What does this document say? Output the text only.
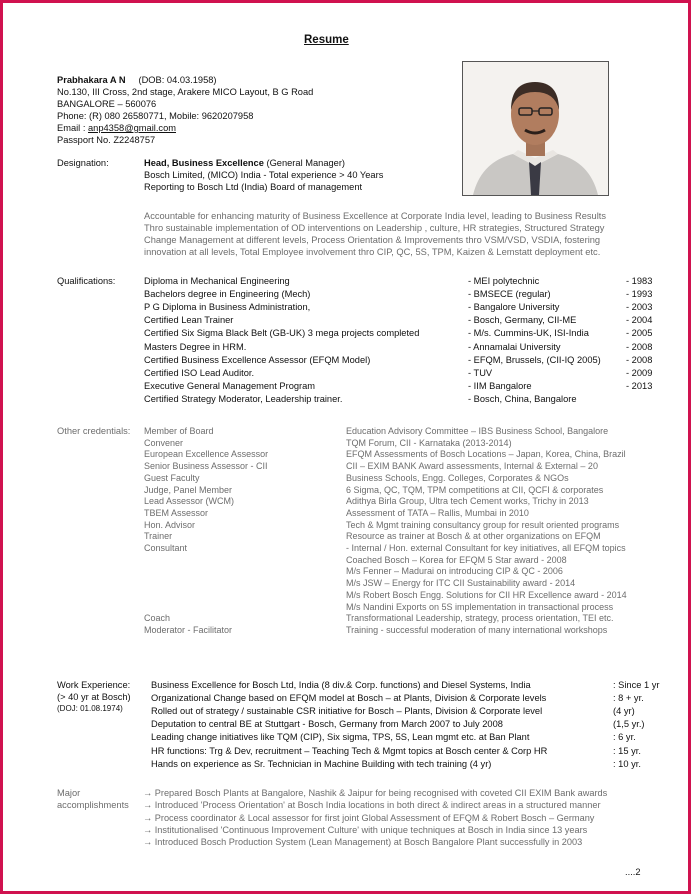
Resume
Prabhakara A N (DOB: 04.03.1958)
No.130, III Cross, 2nd stage, Arakere MICO Layout, B G Road
BANGALORE – 560076
Phone: (R) 080 26580771, Mobile: 9620207958
Email : anp4358@gmail.com
Passport No. Z2248757
Designation:	Head, Business Excellence (General Manager)
Bosch Limited, (MICO) India - Total experience > 40 Years
Reporting to Bosch Ltd (India) Board of management
Accountable for enhancing maturity of Business Excellence at Corporate India level, leading to Business Results
Thro sustainable implementation of OD interventions on Leadership , culture, HR strategies, Structured Strategy
Change Management at different levels, Process Orientation & Improvements thro VSM/VSD, VSDIA, fostering
innovation at all levels, Total Employee involvement thro CIP, QC, 5S, TPM, Kaizen & Lemstatt deployment etc.
Qualifications:
Other credentials:
Work Experience:
(> 40 yr at Bosch)
(DOJ: 01.08.1974)
Major
accomplishments
....2
Diploma in Mechanical Engineering	- MEI polytechnic	- 1983
Bachelors degree in Engineering (Mech)	- BMSECE (regular)	- 1993
P G Diploma in Business Administration,	- Bangalore University	- 2003
Certified Lean Trainer	- Bosch, Germany, CII-ME	- 2004
Certified Six Sigma Black Belt (GB-UK) 3 mega projects completed	- M/s. Cummins-UK, ISI-India	- 2005
Masters Degree in HRM.	- Annamalai University	- 2008
Certified Business Excellence Assessor (EFQM Model)	- EFQM, Brussels, (CII-IQ 2005)	- 2008
Certified ISO Lead Auditor.	- TUV	- 2009
Executive General Management Program	- IIM Bangalore	- 2013
Certified Strategy Moderator, Leadership trainer.	- Bosch, China, Bangalore
Member of Board	Education Advisory Committee – IBS Business School, Bangalore
Convener	TQM Forum, CII - Karnataka (2013-2014)
European Excellence Assessor	EFQM Assessments of Bosch Locations – Japan, Korea, China, Brazil
Senior Business Assessor - CII	CII – EXIM BANK Award assessments, Internal & External – 20
Guest Faculty	Business Schools, Engg. Colleges, Corporates & NGOs
Judge, Panel Member	6 Sigma, QC, TQM, TPM competitions at CII, QCFI & corporates
Lead Assessor (WCM)	Adithya Birla Group, Ultra tech Cement works, Trichy in 2013
TBEM Assessor	Assessment of TATA – Rallis, Mumbai in 2010
Hon. Advisor	Tech & Mgmt training consultancy group for result oriented programs
Trainer	Resource as trainer at Bosch & at other organizations on EFQM
Consultant	- Internal / Hon. external Consultant for key initiatives, all EFQM topics
Coached Bosch – Korea for EFQM 5 Star award - 2008
M/s Fenner – Madurai on introducing CIP & QC - 2006
M/s JSW – Energy for ITC CII Sustainability award - 2014
M/s Robert Bosch Engg. Solutions for CII HR Excellence award - 2014
M/s Nandini Exports on 5S implementation in transactional process
Coach	Transformational Leadership, strategy, process orientation, TEI etc.
Moderator - Facilitator	Training - successful moderation of many international workshops
Business Excellence for Bosch Ltd, India (8 div.& Corp. functions) and Diesel Systems, India	: Since 1 yr
Organizational Change based on EFQM model at Bosch – at Plants, Division & Corporate levels	: 8 + yr.
Rolled out of strategy / sustainable CSR initiative for Bosch – Plants, Division & Corporate level	(4 yr)
Deputation to central BE at Stuttgart - Bosch, Germany from March 2007 to July 2008	(1,5 yr.)
Leading change initiatives like TQM (CIP), Six sigma, TPS, 5S, Lean mgmt etc. at Ban Plant	: 6 yr.
HR functions: Trg & Dev, recruitment – Teaching Tech & Mgmt topics at Bosch center & Corp HR	: 15 yr.
Hands on experience as Sr. Technician in Machine Building with tech training (4 yr)	: 10 yr.
→ Prepared Bosch Plants at Bangalore, Nashik & Jaipur for being recognised with coveted CII EXIM Bank awards
→ Introduced 'Process Orientation' at Bosch India locations in both direct & indirect areas in a structured manner
→ Process coordinator & Local assessor for first joint Global Assessment of EFQM & Robert Bosch – Germany
→ Institutionalised 'Continuous Improvement Culture' with unique techniques at Bosch in India since 13 years
→ Introduced Bosch Production System (Lean Management) at Bosch Bangalore Plant successfully in 2003
